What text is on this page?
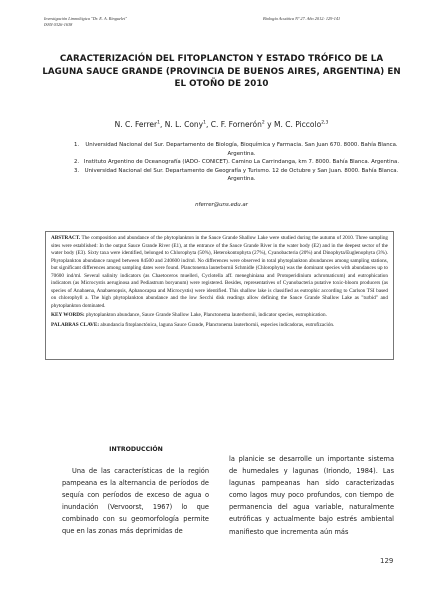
Investigación Limnológica "Dr. E. A. Ringuelet"
ISSN 0326-1638
Biología Acuática Nº 27. Año 2012: 129-141
CARACTERIZACIÓN DEL FITOPLANCTON Y ESTADO TRÓFICO DE LA LAGUNA SAUCE GRANDE (PROVINCIA DE BUENOS AIRES, ARGENTINA) EN EL OTOÑO DE 2010
N. C. Ferrer$^1$, N. L. Cony$^1$, C. F. Fornerón$^2$ y M. C. Piccolo$^{2,3}$
1.	Universidad Nacional del Sur. Departamento de Biología, Bioquímica y Farmacia. San Juan 670. 8000. Bahía Blanca. Argentina.
2. Instituto Argentino de Oceanografía (IADO- CONICET). Camino La Carrindanga, km 7. 8000. Bahía Blanca. Argentina.
3.	Universidad Nacional del Sur. Departamento de Geografía y Turismo. 12 de Octubre y San Juan. 8000. Bahía Blanca. Argentina.
nferrer@uns.edu.ar

ABSTRACT. The composition and abundance of the phytoplankton in the Sauce Grande Shallow Lake were studied during the autumn of 2010. Three sampling sites were established: In the output Sauce Grande River (E1), at the entrance of the Sauce Grande River in the water body (E2) and in the deepest sector of the water body (E3). Sixty taxa were identified, belonged to Chlorophyta (50%), Heterokontophyta (27%), Cyanobacteria (20%) and Dinophyta/Euglenophyta (3%). Phytoplankton abundance ranged between 84500 and 240600 ind/ml. No differences were observed in total phytoplankton abundances among sampling stations, but significant differences among sampling dates were found. Planctonema lauterbornii Schmidle (Chlorophyta) was the dominant species with abundances up to 70600 ind/ml. Several salinity indicators (as Chaetoceros muelleri, Cyclotella aff. meneghiniana and Protoperidinium achromaticum) and eutrophication indicators (as Microcystis aeruginosa and Pediastrum boryanum) were registered. Besides, representatives of Cyanobacteria putative toxic-bloom producers (as species of Anabaena, Anabaenopsis, Aphanocapsa and Microcystis) were identified. This shallow lake is classified as eutrophic according to Carlson TSI based on chlorophyll a. The high phytoplankton abundance and the low Secchi disk readings allow defining the Sauce Grande Shallow Lake as "turbid" and phytoplankton dominated.

KEY WORDS: phytoplankton abundance, Sauce Grande Shallow Lake, Planctonema lauterbornii, indicator species, eutrophication.

PALABRAS CLAVE: abundancia fitoplanctónica, laguna Sauce Grande, Planctonema lauterbornii, especies indicadoras, eutrofización.

INTRODUCCIÓN
Una de las características de la región pampeana es la alternancia de períodos de sequía con períodos de exceso de agua o inundación (Vervoorst, 1967) lo que combinado con su geomorfología permite que en las zonas más deprimidas de
la planicie se desarrolle un importante sistema de humedales y lagunas (Iriondo, 1984). Las lagunas pampeanas han sido caracterizadas como lagos muy poco profundos, con tiempo de permanencia del agua variable, naturalmente eutróficas y actualmente bajo estrés ambiental manifiesto que incrementa aún más
129
